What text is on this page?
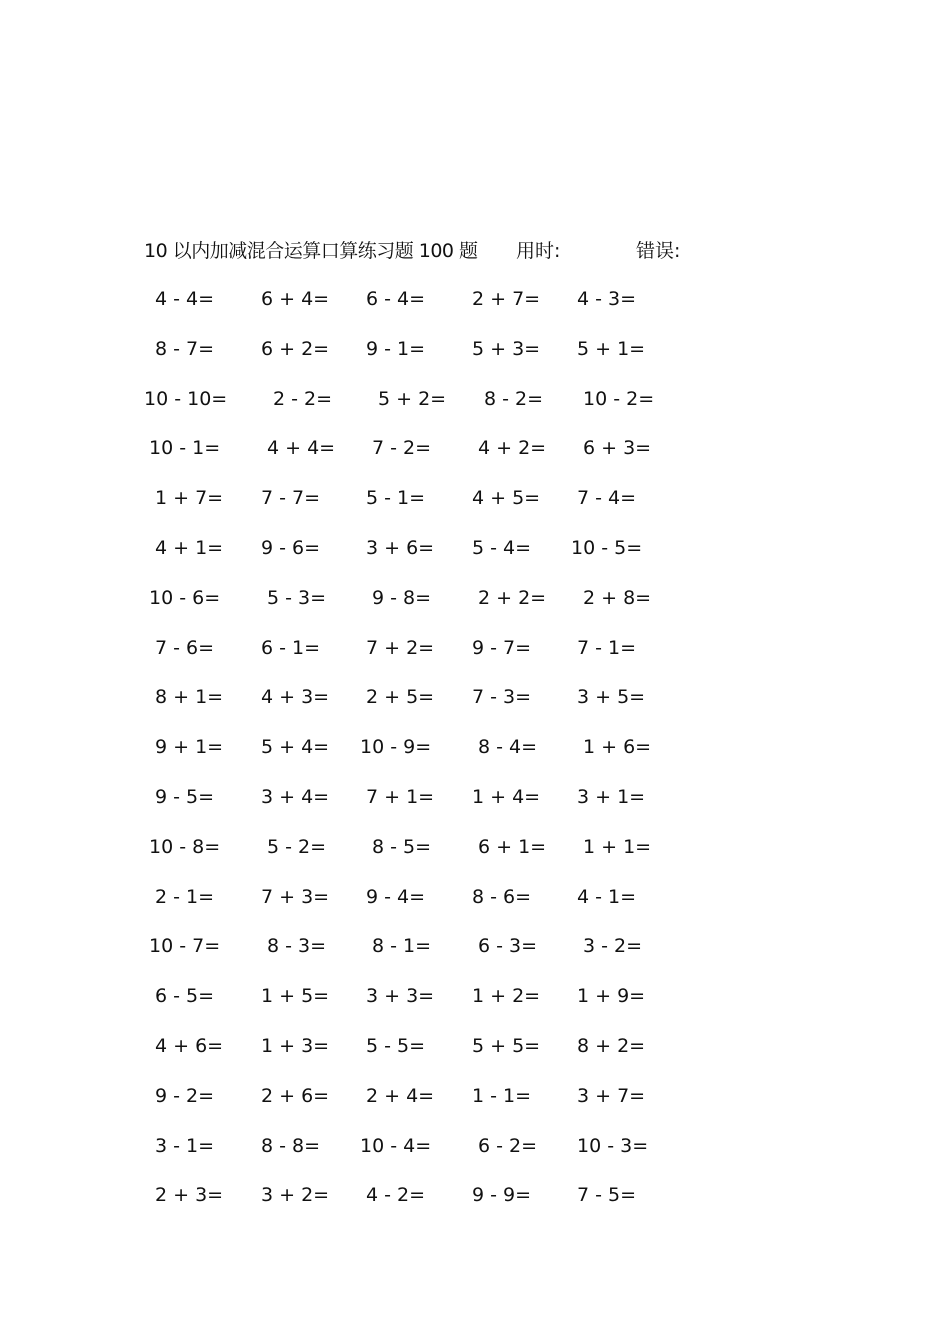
10 以内加减混合运算口算练习题 100 题 用时:	错误:
4 - 4= 6 + 4= 6 - 4= 2 + 7= 4 - 3=
8 - 7= 6 + 2= 9 - 1= 5 + 3= 5 + 1=
10 - 10= 2 - 2= 5 + 2= 8 - 2= 10 - 2=
10 - 1= 4 + 4= 7 - 2= 4 + 2= 6 + 3=
1 + 7= 7 - 7= 5 - 1= 4 + 5= 7 - 4=
4 + 1= 9 - 6= 3 + 6= 5 - 4= 10 - 5=
10 - 6= 5 - 3= 9 - 8= 2 + 2= 2 + 8=
7 - 6= 6 - 1= 7 + 2= 9 - 7= 7 - 1=
8 + 1= 4 + 3= 2 + 5= 7 - 3= 3 + 5=
9 + 1= 5 + 4= 10 - 9= 8 - 4= 1 + 6=
9 - 5= 3 + 4= 7 + 1= 1 + 4= 3 + 1=
10 - 8= 5 - 2= 8 - 5= 6 + 1= 1 + 1=
2 - 1= 7 + 3= 9 - 4= 8 - 6= 4 - 1=
10 - 7= 8 - 3= 8 - 1= 6 - 3= 3 - 2=
6 - 5= 1 + 5= 3 + 3= 1 + 2= 1 + 9=
4 + 6= 1 + 3= 5 - 5= 5 + 5= 8 + 2=
9 - 2= 2 + 6= 2 + 4= 1 - 1= 3 + 7=
3 - 1= 8 - 8= 10 - 4= 6 - 2= 10 - 3=
2 + 3= 3 + 2= 4 - 2= 9 - 9= 7 - 5=
